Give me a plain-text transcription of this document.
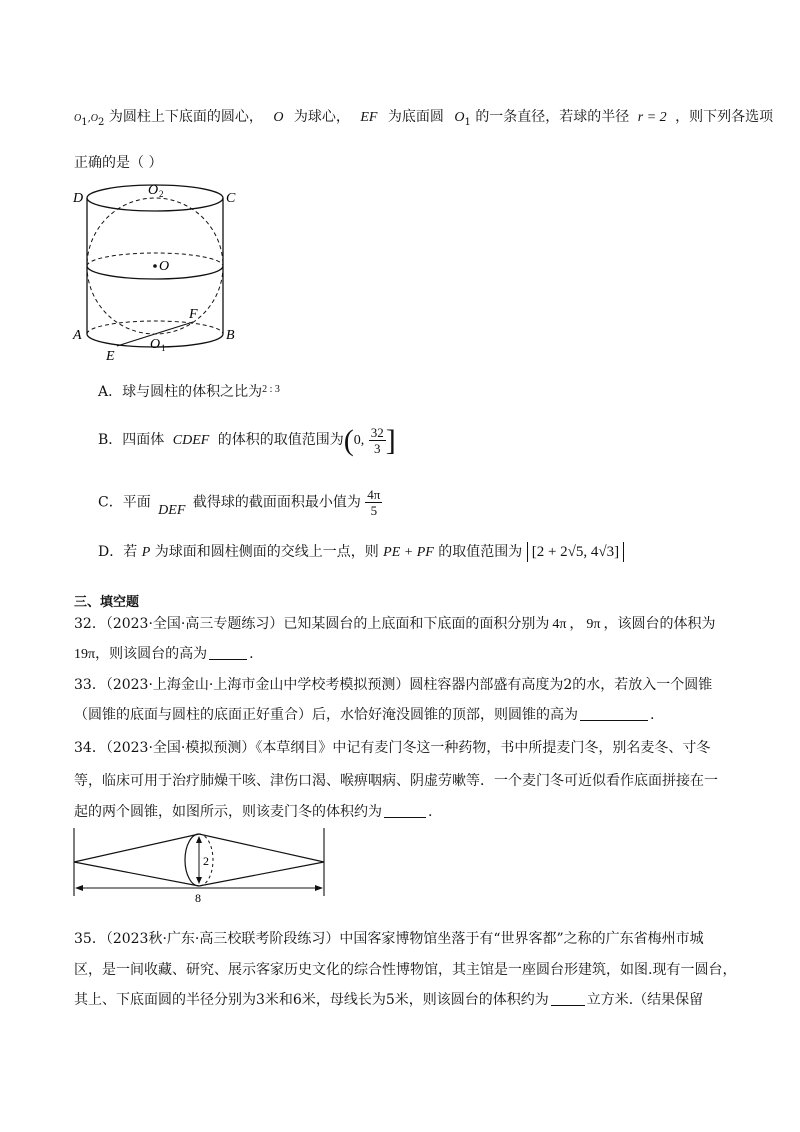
$O_1,O_2$ 为圆柱上下底面的圆心， O 为球心， EF 为底面圆 $O_1$ 的一条直径，若球的半径 r = 2 ，则下列各选项
正确的是（ ）
D	C
O 2
O
F
A	B
E
O 1
A．球与圆柱的体积之比为$^{2 : 3}$
B．四面体 CDEF 的体积的取值范围为(0, $\frac{32}{3}$ ]
C．平面 DEF 截得球的截面面积最小值为 $\frac{4\pi}{5}$
D．若 P 为球面和圆柱侧面的交线上一点，则 PE + PF 的取值范围为 [2 + 2√5, 4√3]
三、填空题
32．（2023·全国·高三专题练习）已知某圆台的上底面和下底面的面积分别为 4π ， 9π ，该圆台的体积为
19π，则该圆台的高为	.
33．（2023·上海金山·上海市金山中学校考模拟预测）圆柱容器内部盛有高度为2的水，若放入一个圆锥
（圆锥的底面与圆柱的底面正好重合）后，水恰好淹没圆锥的顶部，则圆锥的高为	.
34．（2023·全国·模拟预测）《本草纲目》中记有麦门冬这一种药物，书中所提麦门冬，别名麦冬、寸冬
等，临床可用于治疗肺燥干咳、津伤口渴、喉痹咽病、阴虚劳嗽等．一个麦门冬可近似看作底面拼接在一
起的两个圆锥，如图所示，则该麦门冬的体积约为	.
2
8
35．（2023秋·广东·高三校联考阶段练习）中国客家博物馆坐落于有“世界客都”之称的广东省梅州市城
区，是一间收藏、研究、展示客家历史文化的综合性博物馆，其主馆是一座圆台形建筑，如图.现有一圆台，
其上、下底面圆的半径分别为3米和6米，母线长为5米，则该圆台的体积约为	立方米.（结果保留
